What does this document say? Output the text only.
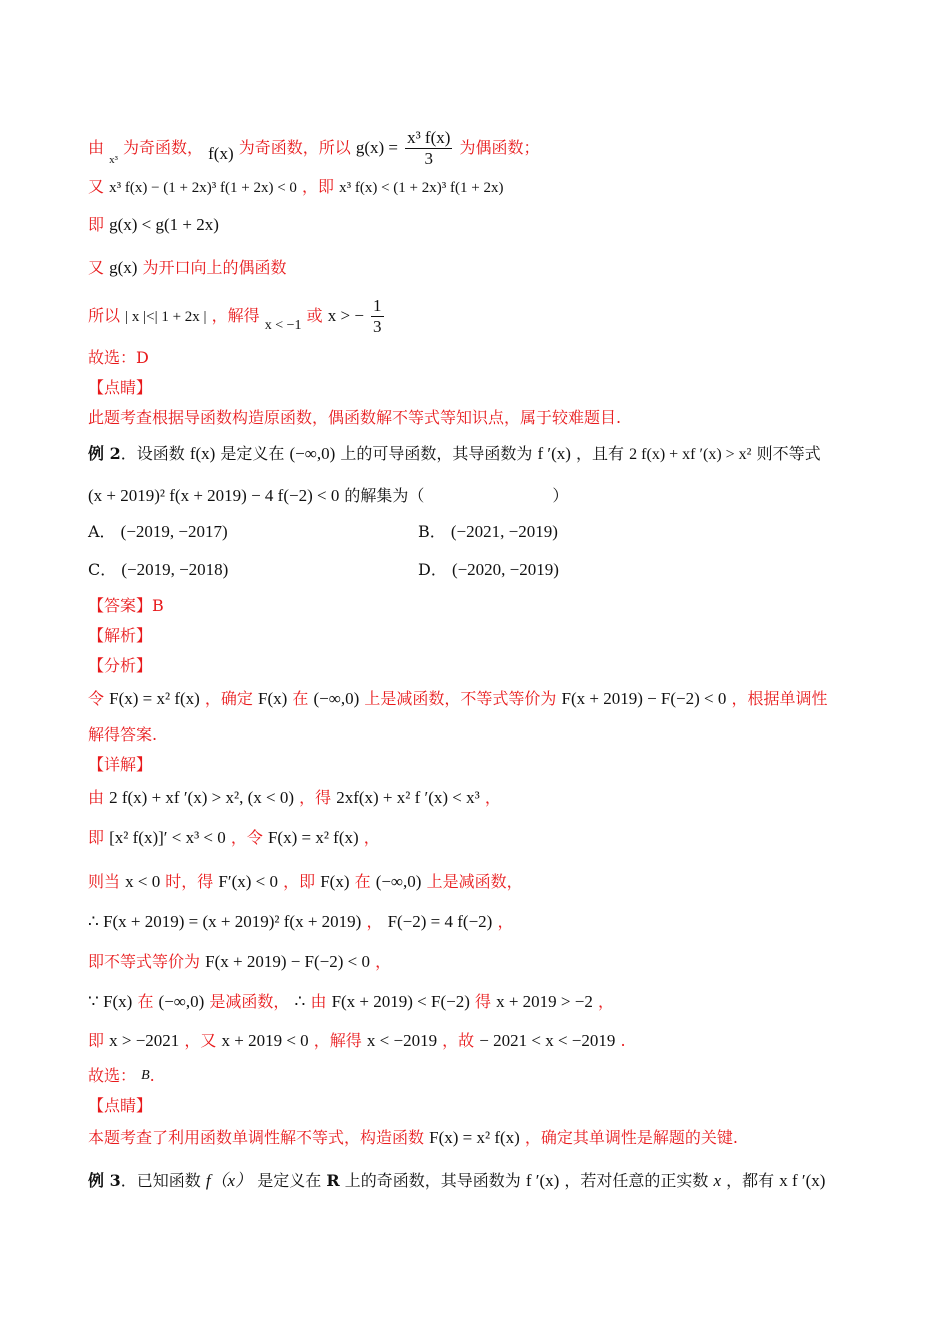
由 $_{x^3}$ 为奇函数， f(x) 为奇函数，所以 $g(x) = \frac{\text{x³ f(x)}}{3}$ 为偶函数；
又 x³ f(x) − (1 + 2x)³ f(1 + 2x) < 0 ，即 x³ f(x) < (1 + 2x)³ f(1 + 2x)
即 g(x) < g(1 + 2x)
又 g(x) 为开口向上的偶函数
所以 | x |<| 1 + 2x | ，解得 x < −1 或 x > − $\frac{1}{3}$
故选：D
【点睛】
此题考查根据导函数构造原函数，偶函数解不等式等知识点，属于较难题目.
例 2．设函数 f(x) 是定义在 (−∞,0) 上的可导函数，其导函数为 f ′(x) ，且有 2 f(x) + xf ′(x) > x² 则不等式
(x + 2019)² f(x + 2019) − 4 f(−2) < 0 的解集为（　　　　　　　　）
A． (−2019, −2017)	B． (−2021, −2019)
C． (−2019, −2018)	D． (−2020, −2019)
【答案】B
【解析】
【分析】
令 F(x) = x² f(x) ，确定 F(x) 在 (−∞,0) 上是减函数，不等式等价为 F(x + 2019) − F(−2) < 0 ，根据单调性
解得答案.
【详解】
由 2 f(x) + xf ′(x) > x², (x < 0) ，得 2xf(x) + x² f ′(x) < x³ ，
即 [x² f(x)]′ < x³ < 0 ，令 F(x) = x² f(x) ，
则当 x < 0 时，得 F′(x) < 0 ，即 F(x) 在 (−∞,0) 上是减函数，
∴ F(x + 2019) = (x + 2019)² f(x + 2019) ， F(−2) = 4 f(−2) ，
即不等式等价为 F(x + 2019) − F(−2) < 0 ，
∵ F(x) 在 (−∞,0) 是减函数， ∴ 由 F(x + 2019) < F(−2) 得 x + 2019 > −2 ，
即 x > −2021 ，又 x + 2019 < 0 ，解得 x < −2019 ，故 − 2021 < x < −2019 .
故选： B.
【点睛】
本题考查了利用函数单调性解不等式，构造函数 F(x) = x² f(x) ，确定其单调性是解题的关键.
例 3．已知函数 f（x） 是定义在 R 上的奇函数，其导函数为 f ′(x) ，若对任意的正实数 x ，都有 x f ′(x)
